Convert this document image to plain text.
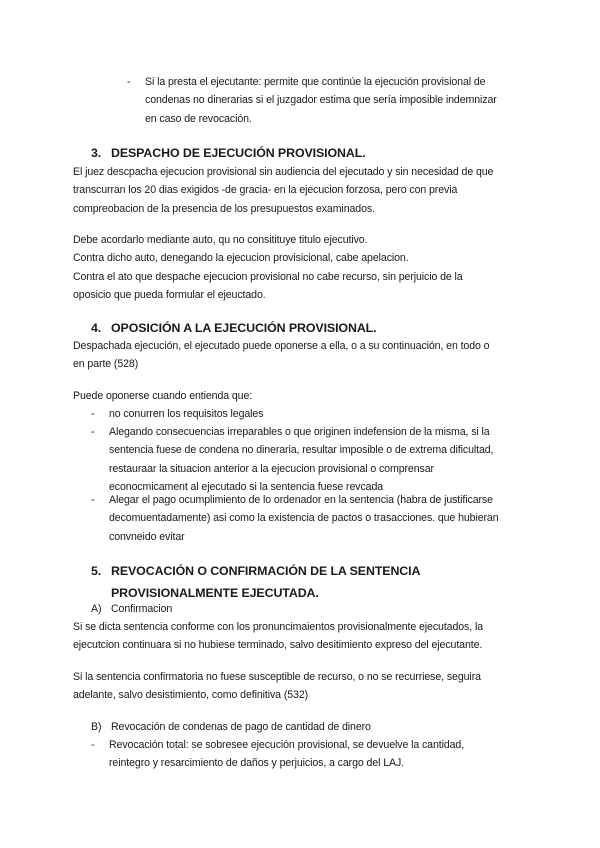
- Si la presta el ejecutante: permite que continúe la ejecución provisional de

condenas no dinerarias si el juzgador estima que sería imposible indemnizar

en caso de revocación.

3. DESPACHO DE EJECUCIÓN PROVISIONAL.

El juez descpacha ejecucion provisional sin audiencia del ejecutado y sin necesidad de que

transcurran los 20 dias exigidos -de gracia- en la ejecucion forzosa, pero con previa

compreobacion de la presencia de los presupuestos examinados.

Debe acordarlo mediante auto, qu no consitituye titulo ejecutivo.

Contra dicho auto, denegando la ejecucion provisicional, cabe apelacion.

Contra el ato que despache ejecucion provisional no cabe recurso, sin perjuicio de la

oposicio que pueda formular el ejeuctado.

4. OPOSICIÓN A LA EJECUCIÓN PROVISIONAL.

Despachada ejecución, el ejecutado puede oponerse a ella, o a su continuación, en todo o

en parte (528)

Puede oponerse cuando entienda que:

- no conurren los requisitos legales

- Alegando consecuencias irreparables o que originen indefension de la misma, si la

sentencia fuese de condena no dineraria, resultar imposible o de extrema dificultad,

restauraar la situacion anterior a la ejecucion provisional o comprensar

econocmicament al ejecutado si la sentencia fuese revcada

- Alegar el pago ocumplimiento de lo ordenador en la sentencia (habra de justificarse

decomuentadamente) asi como la existencia de pactos o trasacciones. que hubieran

convneido evitar

5. REVOCACIÓN O CONFIRMACIÓN DE LA SENTENCIA

PROVISIONALMENTE EJECUTADA.

A) Confirmacion

Si se dicta sentencia conforme con los pronuncimaientos provisionalmente ejecutados, la

ejecutcion continuara si no hubiese terminado, salvo desitimiento expreso del ejecutante.

Si la sentencia confirmatoria no fuese susceptible de recurso, o no se recurriese, seguira

adelante, salvo desistimiento, como definitiva (532)

B) Revocación de condenas de pago de cantidad de dinero
- Revocación total: se sobresee ejecución provisional, se devuelve la cantidad,

reintegro y resarcimiento de daños y perjuicios, a cargo del LAJ.
